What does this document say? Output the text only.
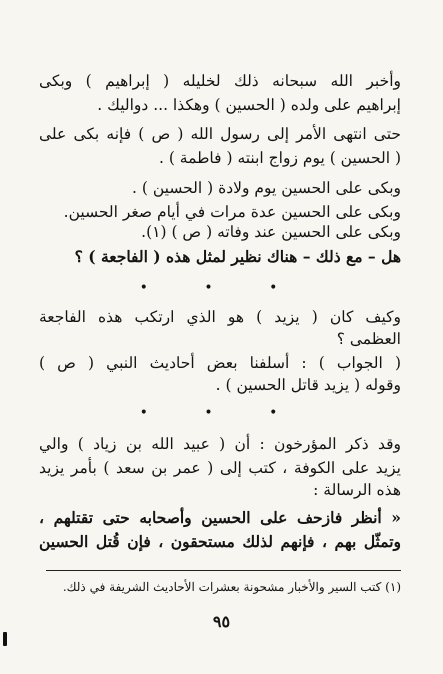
وأخبر الله سبحانه ذلك لخليله ( إبراهيم ) وبكى
إبراهيم على ولده ( الحسين ) وهكذا ... دواليك .
حتى انتهى الأمر إلى رسول الله ( ص ) فإنه بكى على
( الحسين ) يوم زواج ابنته ( فاطمة ) .
وبكى على الحسين يوم ولادة ( الحسين ) .
وبكى على الحسين عدة مرات في أيام صغر الحسين.
وبكى على الحسين عند وفاته ( ص ) (١).
هل – مع ذلك – هناك نظير لمثل هذه ( الفاجعة ) ؟
• • •
وكيف كان ( يزيد ) هو الذي ارتكب هذه الفاجعة
العظمى ؟
( الجواب ) : أسلفنا بعض أحاديث النبي ( ص )
وقوله ( يزيد قاتل الحسين ) .
• • •
وقد ذكر المؤرخون : أن ( عبيد الله بن زياد ) والي
يزيد على الكوفة ، كتب إلى ( عمر بن سعد ) بأمر يزيد
هذه الرسالة :
« أنظر فازحف على الحسين وأصحابه حتى تقتلهم ،
وتمثّل بهم ، فإنهم لذلك مستحقون ، فإن قُتل الحسين
(١) كتب السير والأخبار مشحونة بعشرات الأحاديث الشريفة في ذلك.
٩٥
